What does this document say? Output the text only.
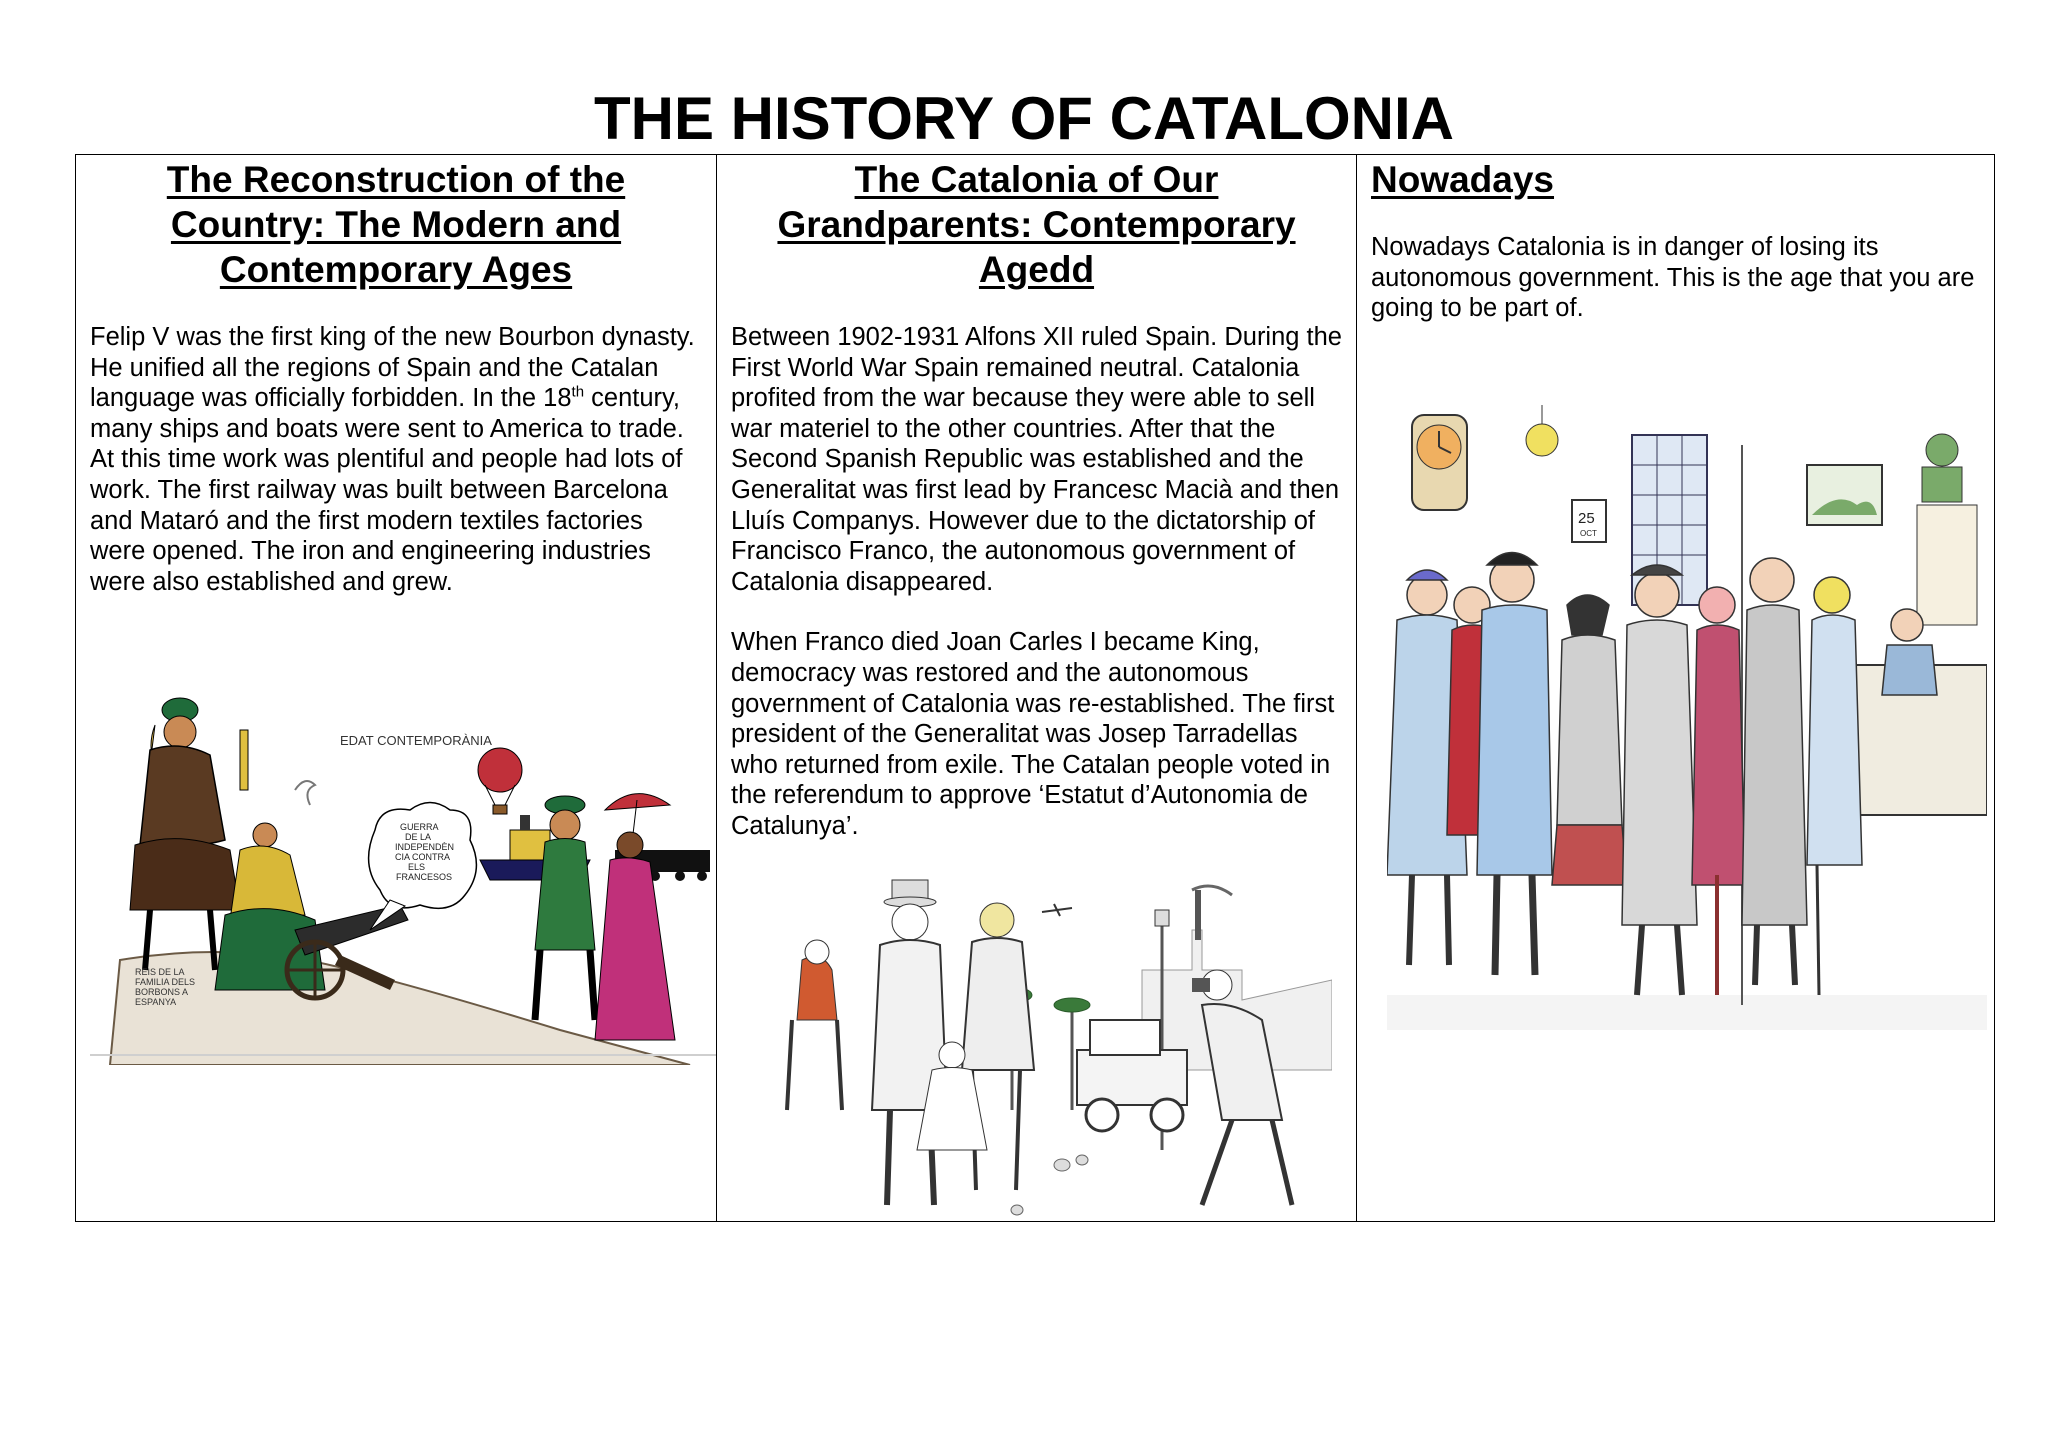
THE HISTORY OF CATALONIA
The Reconstruction of the Country: The Modern and Contemporary Ages

Felip V was the first king of the new Bourbon dynasty. He unified all the regions of Spain and the Catalan language was officially forbidden. In the 18th century, many ships and boats were sent to America to trade. At this time work was plentiful and people had lots of work. The first railway was built between Barcelona and Mataró and the first modern textiles factories were opened. The iron and engineering industries were also established and grew.

EDAT CONTEMPORÀNIA
GUERRA
DE LA
INDEPENDÈN
CIA CONTRA
ELS
FRANCESOS
REIS DE LA
FAMILIA DELS
BORBONS A
ESPANYA
The Catalonia of Our Grandparents: Contemporary Agedd

Between 1902-1931 Alfons XII ruled Spain. During the First World War Spain remained neutral. Catalonia profited from the war because they were able to sell war materiel to the other countries. After that the Second Spanish Republic was established and the Generalitat was first lead by Francesc Macià and then Lluís Companys. However due to the dictatorship of Francisco Franco, the autonomous government of Catalonia disappeared.

When Franco died Joan Carles I became King, democracy was restored and the autonomous government of Catalonia was re-established. The first president of the Generalitat was Josep Tarradellas who returned from exile. The Catalan people voted in the referendum to approve ‘Estatut d’Autonomia de Catalunya’.

Nowadays

Nowadays Catalonia is in danger of losing its autonomous government. This is the age that you are going to be part of.

25
OCT
